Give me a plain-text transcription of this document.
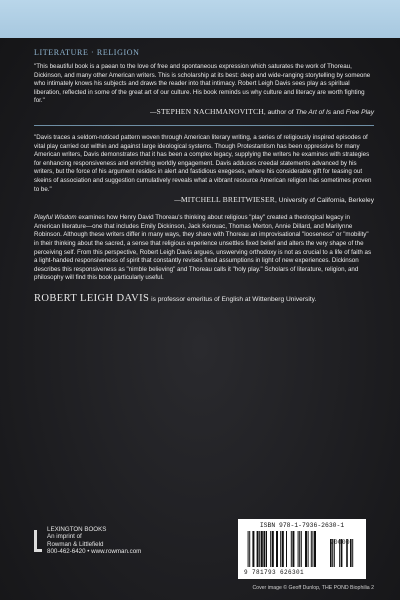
LITERATURE · RELIGION
"This beautiful book is a paean to the love of free and spontaneous expression which saturates the work of Thoreau, Dickinson, and many other American writers. This is scholarship at its best: deep and wide-ranging storytelling by someone who intimately knows his subjects and draws the reader into that intimacy. Robert Leigh Davis sees play as spiritual liberation, reflected in some of the great art of our culture. His book reminds us why culture and literacy are worth fighting for."
—STEPHEN NACHMANOVITCH, author of The Art of Is and Free Play
"Davis traces a seldom-noticed pattern woven through American literary writing, a series of religiously inspired episodes of vital play carried out within and against large ideological systems. Though Protestantism has been oppressive for many American writers, Davis demonstrates that it has been a complex legacy, supplying the writers he examines with strategies for enhancing responsiveness and enriching worldly engagement. Davis adduces creedal statements advanced by his writers, but the force of his argument resides in alert and fastidious exegeses, where his considerable gift for teasing out skeins of association and suggestion cumulatively reveals what a vibrant resource American religion has sometimes proven to be."
—MITCHELL BREITWIESER, University of California, Berkeley
Playful Wisdom examines how Henry David Thoreau's thinking about religious "play" created a theological legacy in American literature—one that includes Emily Dickinson, Jack Kerouac, Thomas Merton, Annie Dillard, and Marilynne Robinson. Although these writers differ in many ways, they share with Thoreau an improvisational "looseness" or "mobility" in their thinking about the sacred, a sense that religious experience unsettles fixed belief and alters the very shape of the perceiving self. From this perspective, Robert Leigh Davis argues, unswerving orthodoxy is not as crucial to a life of faith as a light-handed responsiveness of spirit that constantly revises fixed assumptions in light of new experiences. Dickinson describes this responsiveness as "nimble believing" and Thoreau calls it "holy play." Scholars of literature, religion, and philosophy will find this book particularly useful.
ROBERT LEIGH DAVIS is professor emeritus of English at Wittenberg University.
LEXINGTON BOOKS
An imprint of
Rowman & Littlefield
800-462-6420 • www.rowman.com
ISBN 978-1-7936-2630-1
9 781793 626301
90000
Cover image © Geoff Dunlop, THE POND Biophilia 2
